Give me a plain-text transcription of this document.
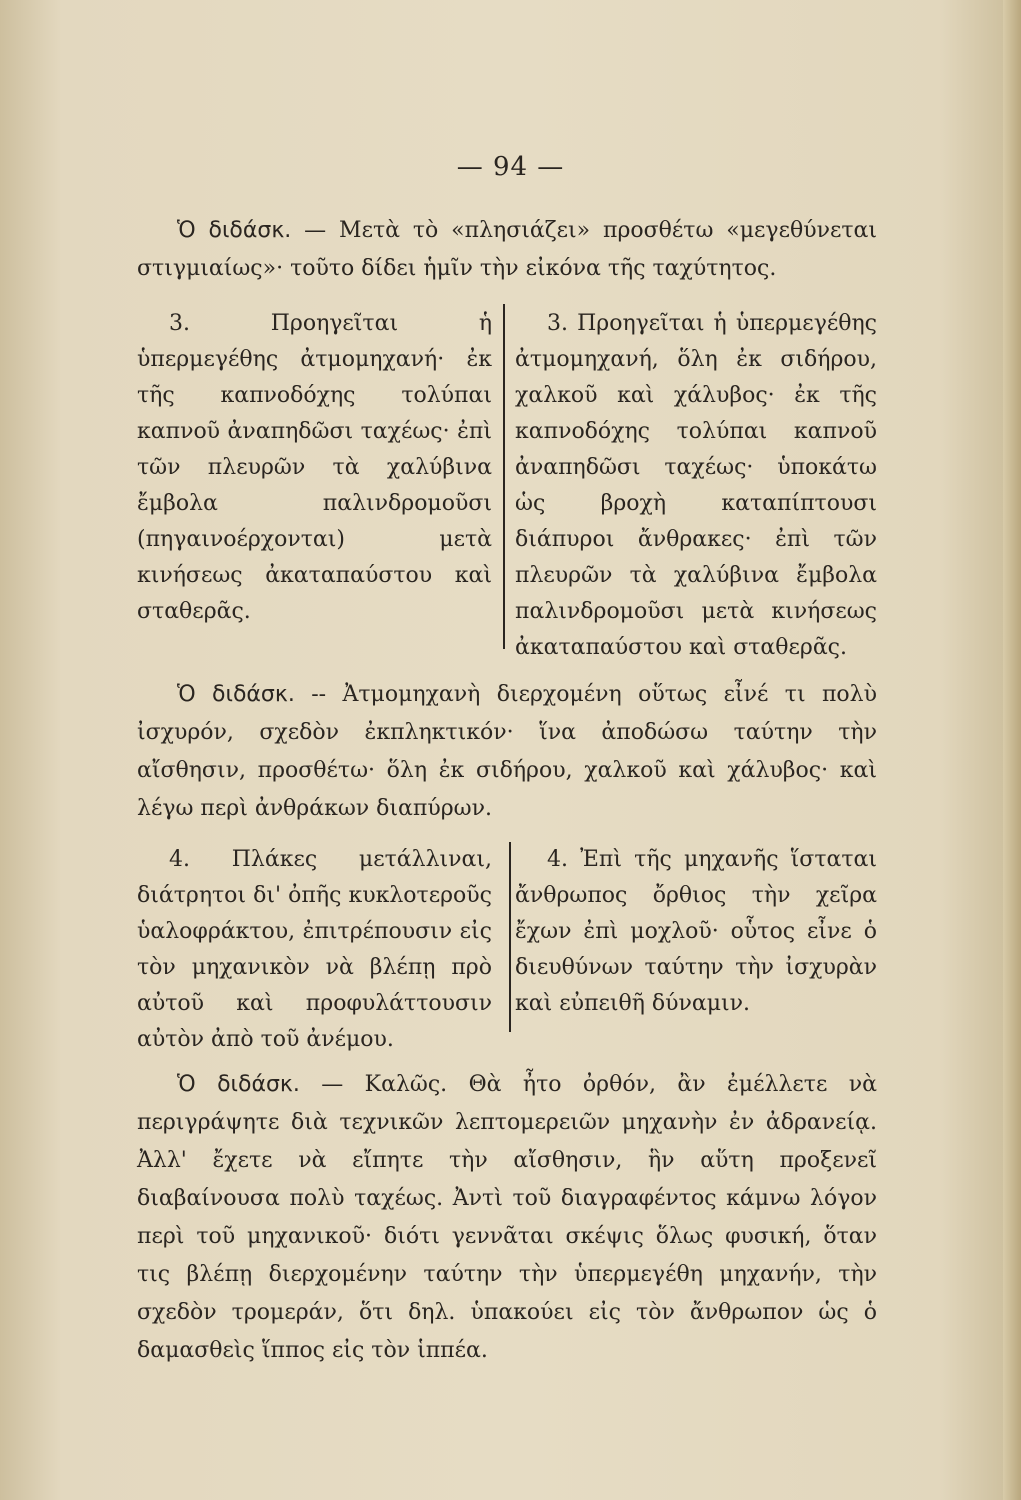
— 94 —

Ὁ διδάσκ. — Μετὰ τὸ «πλησιάζει» προσθέτω «μεγεθύνεται στιγμιαίως»· τοῦτο δίδει ἡμῖν τὴν εἰκόνα τῆς ταχύτητος.

3. Προηγεῖται ἡ ὑπερμεγέθης ἀτμομηχανή· ἐκ τῆς καπνοδόχης τολύπαι καπνοῦ ἀναπηδῶσι ταχέως· ἐπὶ τῶν πλευρῶν τὰ χαλύβινα ἔμβολα παλινδρομοῦσι (πηγαινοέρχονται) μετὰ κινήσεως ἀκαταπαύστου καὶ σταθερᾶς.

3. Προηγεῖται ἡ ὑπερμεγέθης ἀτμομηχανή, ὅλη ἐκ σιδήρου, χαλκοῦ καὶ χάλυβος· ἐκ τῆς καπνοδόχης τολύπαι καπνοῦ ἀναπηδῶσι ταχέως· ὑποκάτω ὡς βροχὴ καταπίπτουσι διάπυροι ἄνθρακες· ἐπὶ τῶν πλευρῶν τὰ χαλύβινα ἔμβολα παλινδρομοῦσι μετὰ κινήσεως ἀκαταπαύστου καὶ σταθερᾶς.

Ὁ διδάσκ. -- Ἀτμομηχανὴ διερχομένη οὕτως εἶνέ τι πολὺ ἰσχυρόν, σχεδὸν ἐκπληκτικόν· ἵνα ἀποδώσω ταύτην τὴν αἴσθησιν, προσθέτω· ὅλη ἐκ σιδήρου, χαλκοῦ καὶ χάλυβος· καὶ λέγω περὶ ἀνθράκων διαπύρων.

4. Πλάκες μετάλλιναι, διάτρητοι δι' ὀπῆς κυκλοτεροῦς ὑαλοφράκτου, ἐπιτρέπουσιν εἰς τὸν μηχανικὸν νὰ βλέπῃ πρὸ αὐτοῦ καὶ προφυλάττουσιν αὐτὸν ἀπὸ τοῦ ἀνέμου.

4. Ἐπὶ τῆς μηχανῆς ἵσταται ἄνθρωπος ὄρθιος τὴν χεῖρα ἔχων ἐπὶ μοχλοῦ· οὗτος εἶνε ὁ διευθύνων ταύτην τὴν ἰσχυρὰν καὶ εὐπειθῆ δύναμιν.

Ὁ διδάσκ. — Καλῶς. Θὰ ἦτο ὀρθόν, ἂν ἐμέλλετε νὰ περιγράψητε διὰ τεχνικῶν λεπτομερειῶν μηχανὴν ἐν ἀδρανείᾳ. Ἀλλ' ἔχετε νὰ εἴπητε τὴν αἴσθησιν, ἣν αὕτη προξενεῖ διαβαίνουσα πολὺ ταχέως. Ἀντὶ τοῦ διαγραφέντος κάμνω λόγον περὶ τοῦ μηχανικοῦ· διότι γεννᾶται σκέψις ὅλως φυσική, ὅταν τις βλέπῃ διερχομένην ταύτην τὴν ὑπερμεγέθη μηχανήν, τὴν σχεδὸν τρομεράν, ὅτι δηλ. ὑπακούει εἰς τὸν ἄνθρωπον ὡς ὁ δαμασθεὶς ἵππος εἰς τὸν ἱππέα.
